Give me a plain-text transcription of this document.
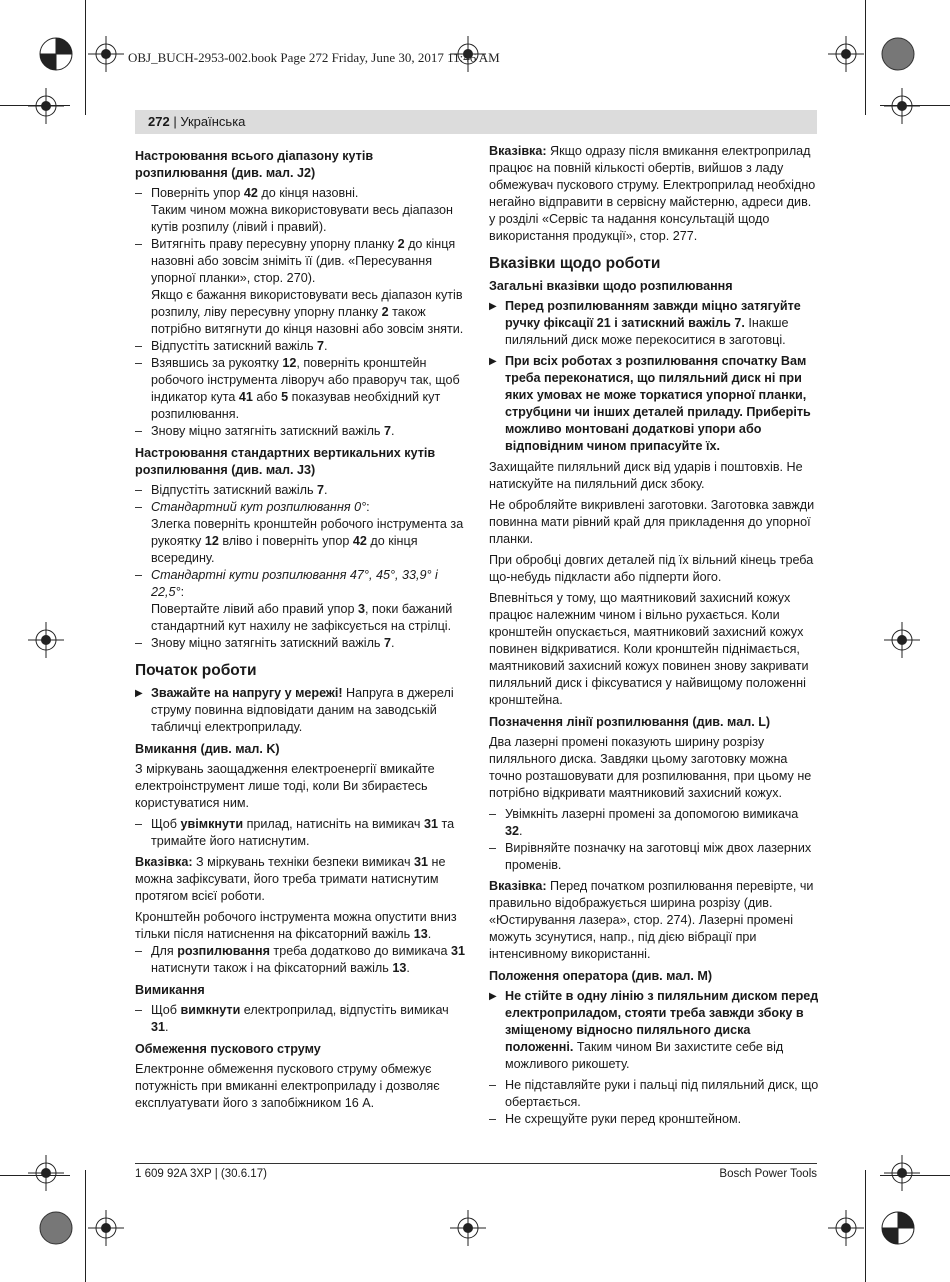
OBJ_BUCH-2953-002.book Page 272 Friday, June 30, 2017 11:46 AM
272 | Українська
Настроювання всього діапазону кутів розпилювання (див. мал. J2)
– Поверніть упор 42 до кінця назовні.
Таким чином можна використовувати весь діапазон кутів розпилу (лівий і правий).
– Витягніть праву пересувну упорну планку 2 до кінця назовні або зовсім зніміть її (див. «Пересування упорної планки», стор. 270).
Якщо є бажання використовувати весь діапазон кутів розпилу, ліву пересувну упорну планку 2 також потрібно витягнути до кінця назовні або зовсім зняти.
– Відпустіть затискний важіль 7.
– Взявшись за рукоятку 12, поверніть кронштейн робочого інструмента ліворуч або праворуч так, щоб індикатор кута 41 або 5 показував необхідний кут розпилювання.
– Знову міцно затягніть затискний важіль 7.
Настроювання стандартних вертикальних кутів розпилювання (див. мал. J3)
– Відпустіть затискний важіль 7.
– Стандартний кут розпилювання 0°:
Злегка поверніть кронштейн робочого інструмента за рукоятку 12 вліво і поверніть упор 42 до кінця всередину.
– Стандартні кути розпилювання 47°, 45°, 33,9° і 22,5°:
Повертайте лівий або правий упор 3, поки бажаний стандартний кут нахилу не зафіксується на стрілці.
– Знову міцно затягніть затискний важіль 7.
Початок роботи
▶ Зважайте на напругу у мережі! Напруга в джерелі струму повинна відповідати даним на заводській табличці електроприладу.
Вмикання (див. мал. K)

З міркувань заощадження електроенергії вмикайте електроінструмент лише тоді, коли Ви збираєтесь користуватися ним.

– Щоб увімкнути прилад, натисніть на вимикач 31 та тримайте його натиснутим.

Вказівка: З міркувань техніки безпеки вимикач 31 не можна зафіксувати, його треба тримати натиснутим протягом всієї роботи.

Кронштейн робочого інструмента можна опустити вниз тільки після натиснення на фіксаторний важіль 13.

– Для розпилювання треба додатково до вимикача 31 натиснути також і на фіксаторний важіль 13.
Вимикання
– Щоб вимкнути електроприлад, відпустіть вимикач 31.
Обмеження пускового струму

Електронне обмеження пускового струму обмежує потужність при вмиканні електроприладу і дозволяє експлуатувати його з запобіжником 16 А.

Вказівка: Якщо одразу після вмикання електроприлад працює на повній кількості обертів, вийшов з ладу обмежувач пускового струму. Електроприлад необхідно негайно відправити в сервісну майстерню, адреси див. у розділі «Сервіс та надання консультацій щодо використання продукції», стор. 277.

Вказівки щодо роботи
Загальні вказівки щодо розпилювання
▶ Перед розпилюванням завжди міцно затягуйте ручку фіксації 21 і затискний важіль 7. Інакше пиляльний диск може перекоситися в заготовці.
▶ При всіх роботах з розпилювання спочатку Вам треба переконатися, що пиляльний диск ні при яких умовах не може торкатися упорної планки, струбцини чи інших деталей приладу. Приберіть можливо монтовані додаткові упори або відповідним чином припасуйте їх.

Захищайте пиляльний диск від ударів і поштовхів. Не натискуйте на пиляльний диск збоку.

Не обробляйте викривлені заготовки. Заготовка завжди повинна мати рівний край для прикладення до упорної планки.

При обробці довгих деталей під їх вільний кінець треба що-небудь підкласти або підперти його.

Впевніться у тому, що маятниковий захисний кожух працює належним чином і вільно рухається. Коли кронштейн опускається, маятниковий захисний кожух повинен відкриватися. Коли кронштейн піднімається, маятниковий захисний кожух повинен знову закривати пиляльний диск і фіксуватися у найвищому положенні кронштейна.

Позначення лінії розпилювання (див. мал. L)

Два лазерні промені показують ширину розрізу пиляльного диска. Завдяки цьому заготовку можна точно розташовувати для розпилювання, при цьому не потрібно відкривати маятниковий захисний кожух.

– Увімкніть лазерні промені за допомогою вимикача 32.
– Вирівняйте позначку на заготовці між двох лазерних променів.

Вказівка: Перед початком розпилювання перевірте, чи правильно відображується ширина розрізу (див. «Юстирування лазера», стор. 274). Лазерні промені можуть зсунутися, напр., під дією вібрації при інтенсивному використанні.

Положення оператора (див. мал. M)
▶ Не стійте в одну лінію з пиляльним диском перед електроприладом, стояти треба завжди збоку в зміщеному відносно пиляльного диска положенні. Таким чином Ви захистите себе від можливого рикошету.
– Не підставляйте руки і пальці під пиляльний диск, що обертається.
– Не схрещуйте руки перед кронштейном.
1 609 92A 3XP | (30.6.17)	Bosch Power Tools
